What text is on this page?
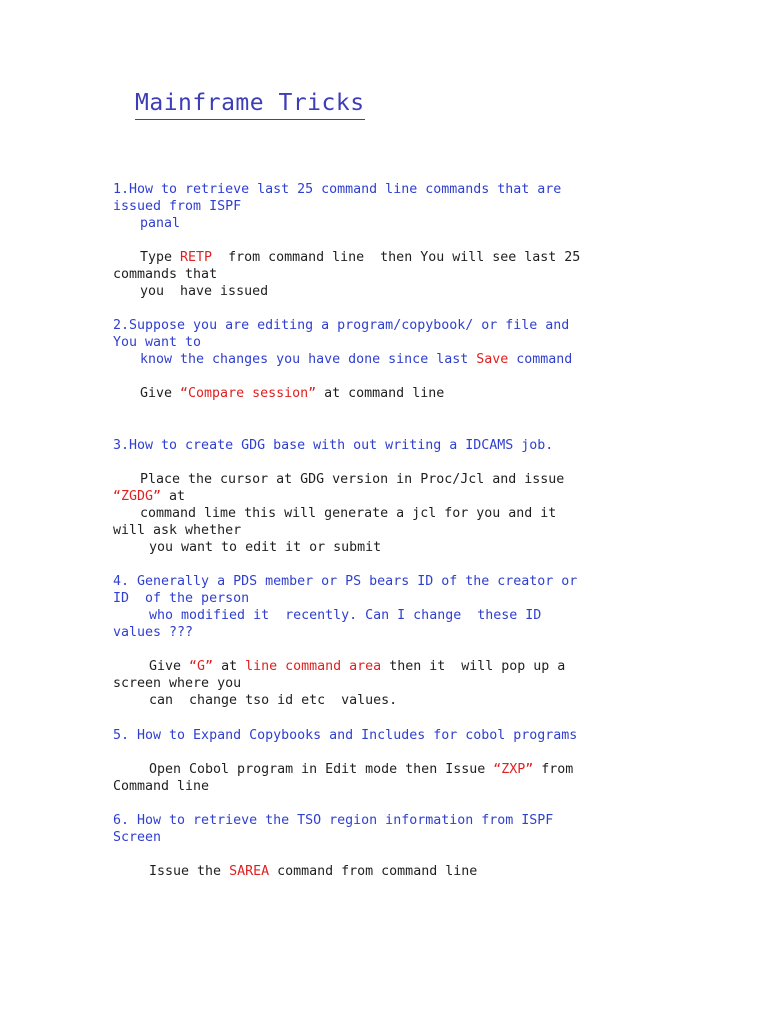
Mainframe Tricks
1.How to retrieve last 25 command line commands that are
issued from ISPF
panal
Type RETP  from command line  then You will see last 25
commands that
you  have issued
2.Suppose you are editing a program/copybook/ or file and
You want to
know the changes you have done since last Save command
Give “Compare session” at command line
3.How to create GDG base with out writing a IDCAMS job.
Place the cursor at GDG version in Proc/Jcl and issue
“ZGDG” at
command lime this will generate a jcl for you and it
will ask whether
you want to edit it or submit
4. Generally a PDS member or PS bears ID of the creator or
ID  of the person
who modified it  recently. Can I change  these ID
values ???
Give “G” at line command area then it  will pop up a
screen where you
can  change tso id etc  values.
5. How to Expand Copybooks and Includes for cobol programs
Open Cobol program in Edit mode then Issue “ZXP” from
Command line
6. How to retrieve the TSO region information from ISPF
Screen
Issue the SAREA command from command line
